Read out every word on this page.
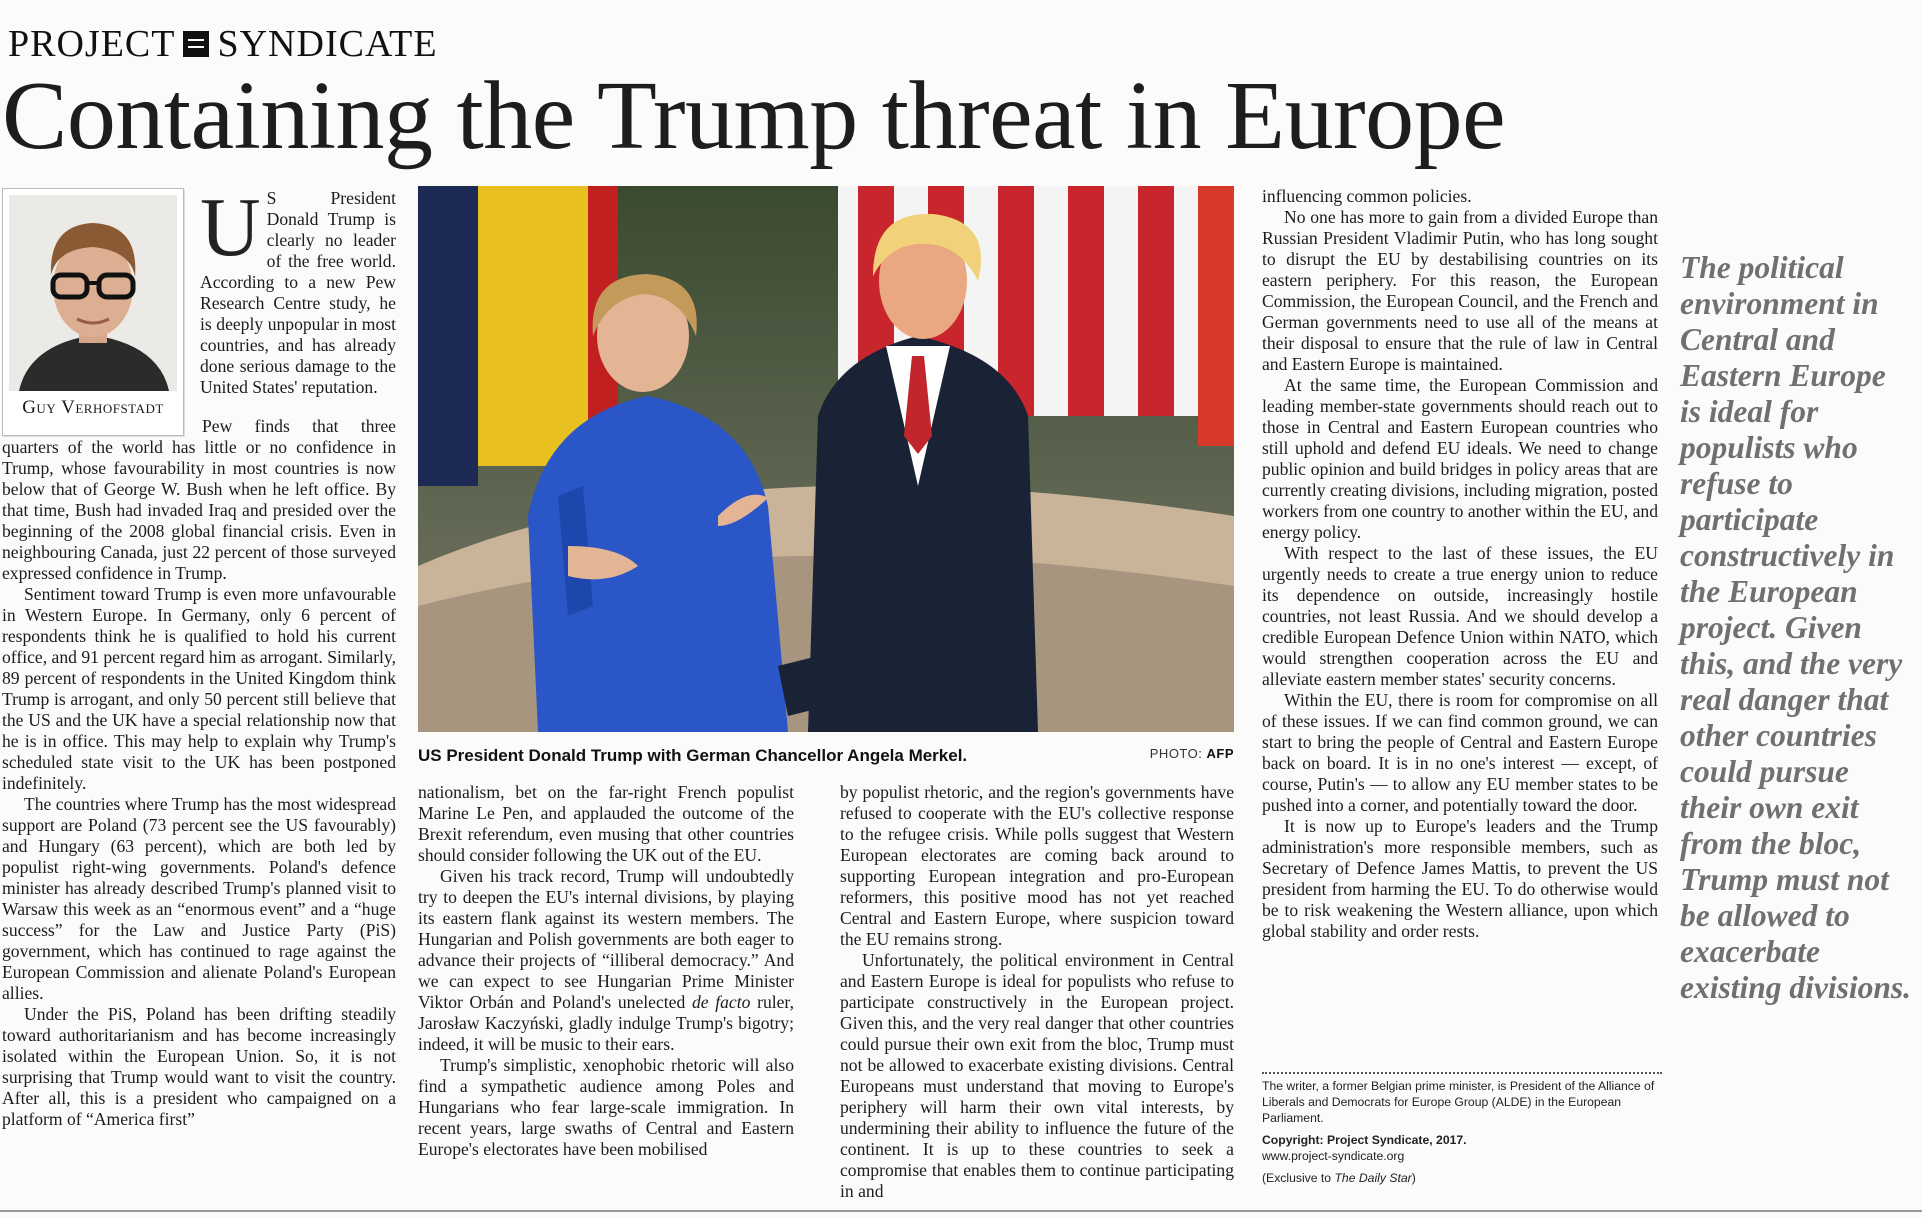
PROJECT SYNDICATE
Containing the Trump threat in Europe
Guy Verhofstadt

U S President Donald Trump is clearly no leader of the free world. According to a new Pew Research Centre study, he is deeply unpopular in most countries, and has already done serious damage to the United States' reputation.

Pew finds that three quarters of the world has little or no confidence in Trump, whose favourability in most countries is now below that of George W. Bush when he left office. By that time, Bush had invaded Iraq and presided over the beginning of the 2008 global financial crisis. Even in neighbouring Canada, just 22 percent of those surveyed expressed confidence in Trump.

Sentiment toward Trump is even more unfavourable in Western Europe. In Germany, only 6 percent of respondents think he is qualified to hold his current office, and 91 percent regard him as arrogant. Similarly, 89 percent of respondents in the United Kingdom think Trump is arrogant, and only 50 percent still believe that the US and the UK have a special relationship now that he is in office. This may help to explain why Trump's scheduled state visit to the UK has been postponed indefinitely.

The countries where Trump has the most widespread support are Poland (73 percent see the US favourably) and Hungary (63 percent), which are both led by populist right-wing governments. Poland's defence minister has already described Trump's planned visit to Warsaw this week as an “enormous event” and a “huge success” for the Law and Justice Party (PiS) government, which has continued to rage against the European Commission and alienate Poland's European allies.

Under the PiS, Poland has been drifting steadily toward authoritarianism and has become increasingly isolated within the European Union. So, it is not surprising that Trump would want to visit the country. After all, this is a president who campaigned on a platform of “America first”

US President Donald Trump with German Chancellor Angela Merkel.	PHOTO: AFP

nationalism, bet on the far-right French populist Marine Le Pen, and applauded the outcome of the Brexit referendum, even musing that other countries should consider following the UK out of the EU.

Given his track record, Trump will undoubtedly try to deepen the EU's internal divisions, by playing its eastern flank against its western members. The Hungarian and Polish governments are both eager to advance their projects of “illiberal democracy.” And we can expect to see Hungarian Prime Minister Viktor Orbán and Poland's unelected de facto ruler, Jarosław Kaczyński, gladly indulge Trump's bigotry; indeed, it will be music to their ears.

Trump's simplistic, xenophobic rhetoric will also find a sympathetic audience among Poles and Hungarians who fear large-scale immigration. In recent years, large swaths of Central and Eastern Europe's electorates have been mobilised

by populist rhetoric, and the region's governments have refused to cooperate with the EU's collective response to the refugee crisis. While polls suggest that Western European electorates are coming back around to supporting European integration and pro-European reformers, this positive mood has not yet reached Central and Eastern Europe, where suspicion toward the EU remains strong.

Unfortunately, the political environment in Central and Eastern Europe is ideal for populists who refuse to participate constructively in the European project. Given this, and the very real danger that other countries could pursue their own exit from the bloc, Trump must not be allowed to exacerbate existing divisions. Central Europeans must understand that moving to Europe's periphery will harm their own vital interests, by undermining their ability to influence the future of the continent. It is up to these countries to seek a compromise that enables them to continue participating in and

influencing common policies.

No one has more to gain from a divided Europe than Russian President Vladimir Putin, who has long sought to disrupt the EU by destabilising countries on its eastern periphery. For this reason, the European Commission, the European Council, and the French and German governments need to use all of the means at their disposal to ensure that the rule of law in Central and Eastern Europe is maintained.

At the same time, the European Commission and leading member-state governments should reach out to those in Central and Eastern European countries who still uphold and defend EU ideals. We need to change public opinion and build bridges in policy areas that are currently creating divisions, including migration, posted workers from one country to another within the EU, and energy policy.

With respect to the last of these issues, the EU urgently needs to create a true energy union to reduce its dependence on outside, increasingly hostile countries, not least Russia. And we should develop a credible European Defence Union within NATO, which would strengthen cooperation across the EU and alleviate eastern member states' security concerns.

Within the EU, there is room for compromise on all of these issues. If we can find common ground, we can start to bring the people of Central and Eastern Europe back on board. It is in no one's interest — except, of course, Putin's — to allow any EU member states to be pushed into a corner, and potentially toward the door.

It is now up to Europe's leaders and the Trump administration's more responsible members, such as Secretary of Defence James Mattis, to prevent the US president from harming the EU. To do otherwise would be to risk weakening the Western alliance, upon which global stability and order rests.

The writer, a former Belgian prime minister, is President of the Alliance of Liberals and Democrats for Europe Group (ALDE) in the European Parliament.
Copyright: Project Syndicate, 2017.
www.project-syndicate.org
(Exclusive to The Daily Star)
The political environment in Central and Eastern Europe is ideal for populists who refuse to participate constructively in the European project. Given this, and the very real danger that other countries could pursue their own exit from the bloc, Trump must not be allowed to exacerbate existing divisions.
